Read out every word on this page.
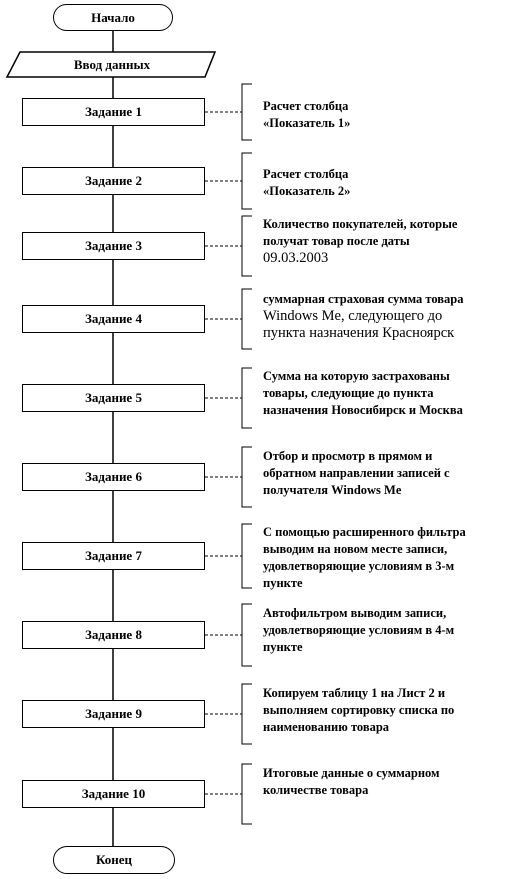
Начало
Ввод данных
Задание 1
Задание 2
Задание 3
Задание 4
Задание 5
Задание 6
Задание 7
Задание 8
Задание 9
Задание 10
Расчет столбца
«Показатель 1»
Расчет столбца
«Показатель 2»
Количество покупателей, которые
получат товар после даты
09.03.2003
суммарная страховая сумма товара
Windows Me, следующего до
пункта назначения Красноярск
Сумма на которую застрахованы
товары, следующие до пункта
назначения Новосибирск и Москва
Отбор и просмотр в прямом и
обратном направлении записей с
получателя Windows Me
С помощью расширенного фильтра
выводим на новом месте записи,
удовлетворяющие условиям в 3-м
пункте
Автофильтром выводим записи,
удовлетворяющие условиям в 4-м
пункте
Копируем таблицу 1 на Лист 2 и
выполняем сортировку списка по
наименованию товара
Итоговые данные о суммарном
количестве товара
Конец
